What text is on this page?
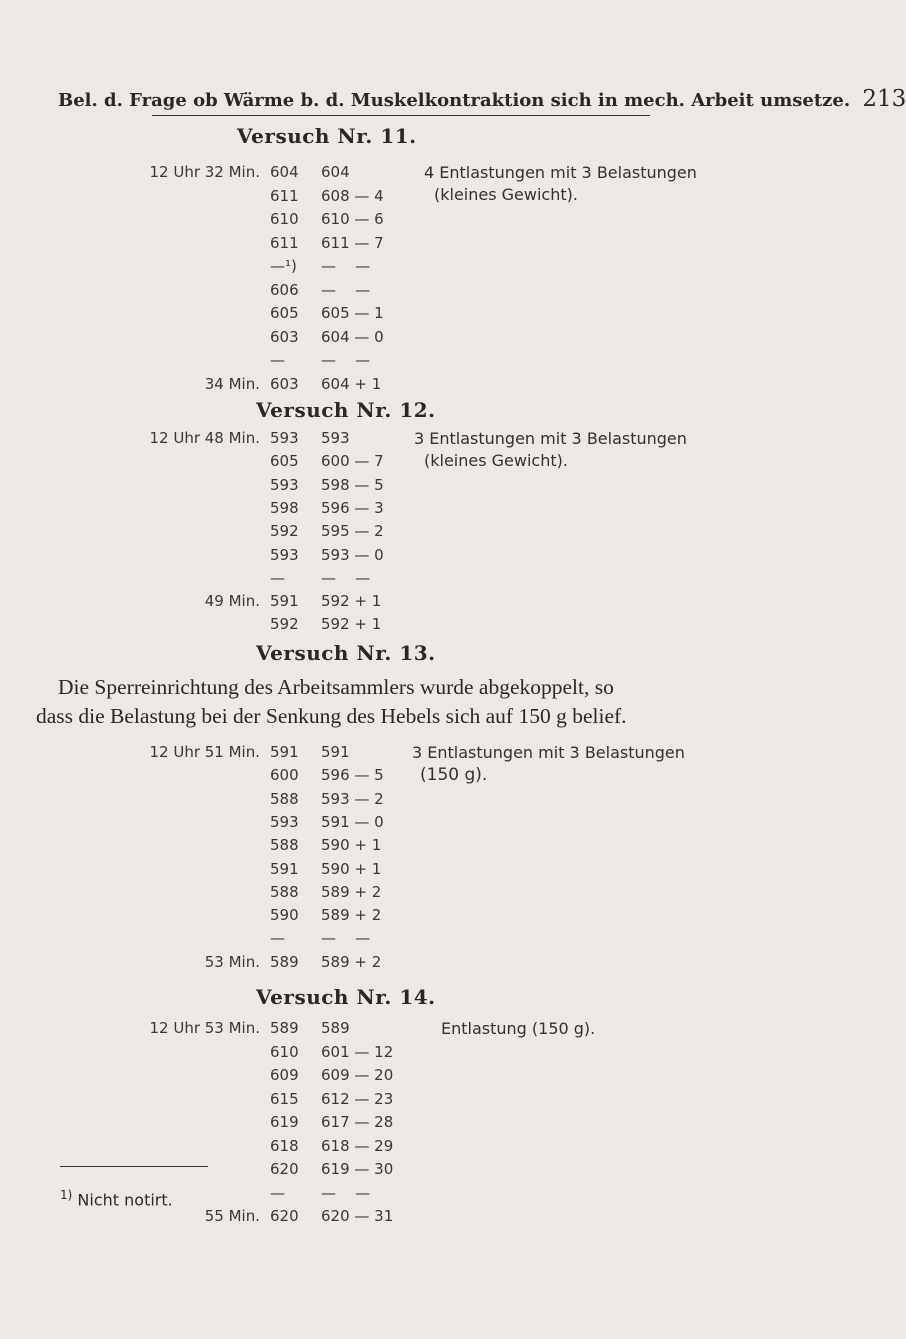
Bel. d. Frage ob Wärme b. d. Muskelkontraktion sich in mech. Arbeit umsetze. 213
Versuch Nr. 11.
12 Uhr 32 Min. 604 604
611 608 — 4
610 610 — 6
611 611 — 7
—¹) —    —
606 —    —
605 605 — 1
603 604 — 0
— —    —
34 Min. 603 604 + 1
4 Entlastungen mit 3 Belastungen
(kleines Gewicht).
Versuch Nr. 12.
12 Uhr 48 Min. 593 593
605 600 — 7
593 598 — 5
598 596 — 3
592 595 — 2
593 593 — 0
— —    —
49 Min. 591 592 + 1
592 592 + 1
3 Entlastungen mit 3 Belastungen
(kleines Gewicht).
Versuch Nr. 13.
Die Sperreinrichtung des Arbeitsammlers wurde abgekoppelt, so
dass die Belastung bei der Senkung des Hebels sich auf 150 g belief.
12 Uhr 51 Min. 591 591
600 596 — 5
588 593 — 2
593 591 — 0
588 590 + 1
591 590 + 1
588 589 + 2
590 589 + 2
— —    —
53 Min. 589 589 + 2
3 Entlastungen mit 3 Belastungen
(150 g).
Versuch Nr. 14.
12 Uhr 53 Min. 589 589
610 601 — 12
609 609 — 20
615 612 — 23
619 617 — 28
618 618 — 29
620 619 — 30
— —    —
55 Min. 620 620 — 31
Entlastung (150 g).
$^{1)}$ Nicht notirt.
